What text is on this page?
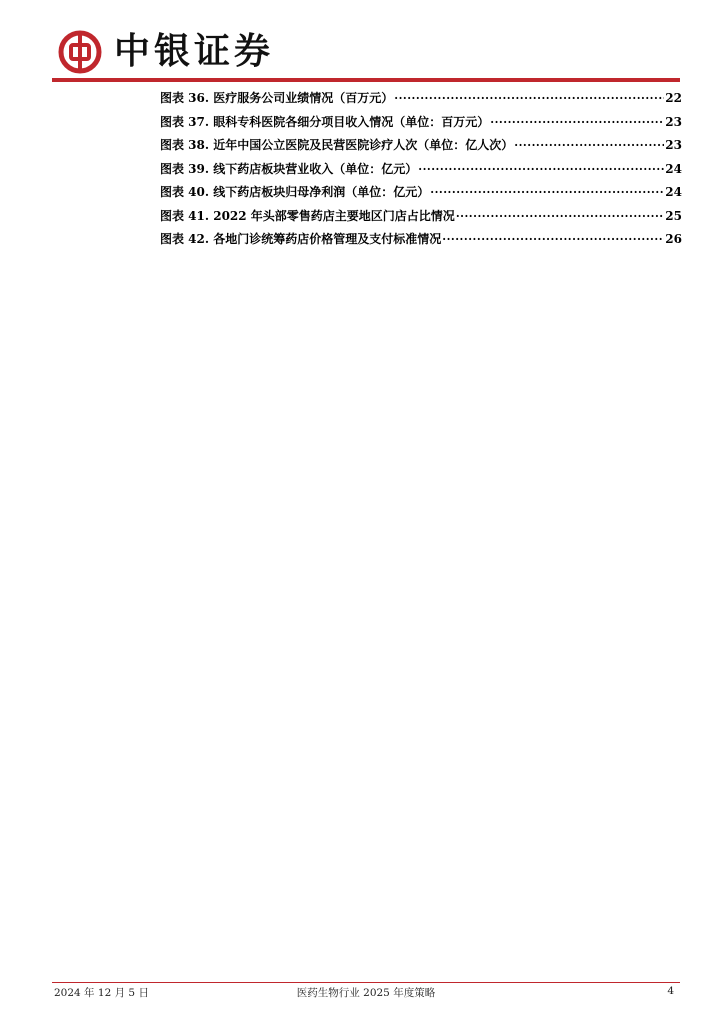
中银证券
图表 36. 医疗服务公司业绩情况（百万元） .....	22
图表 37. 眼科专科医院各细分项目收入情况（单位：百万元） .....	23
图表 38. 近年中国公立医院及民营医院诊疗人次（单位：亿人次） .....	23
图表 39. 线下药店板块营业收入（单位：亿元） .....	24
图表 40. 线下药店板块归母净利润（单位：亿元） .....	24
图表 41. 2022 年头部零售药店主要地区门店占比情况 .....	25
图表 42. 各地门诊统筹药店价格管理及支付标准情况 .....	26
2024 年 12 月 5 日	医药生物行业 2025 年度策略	4
